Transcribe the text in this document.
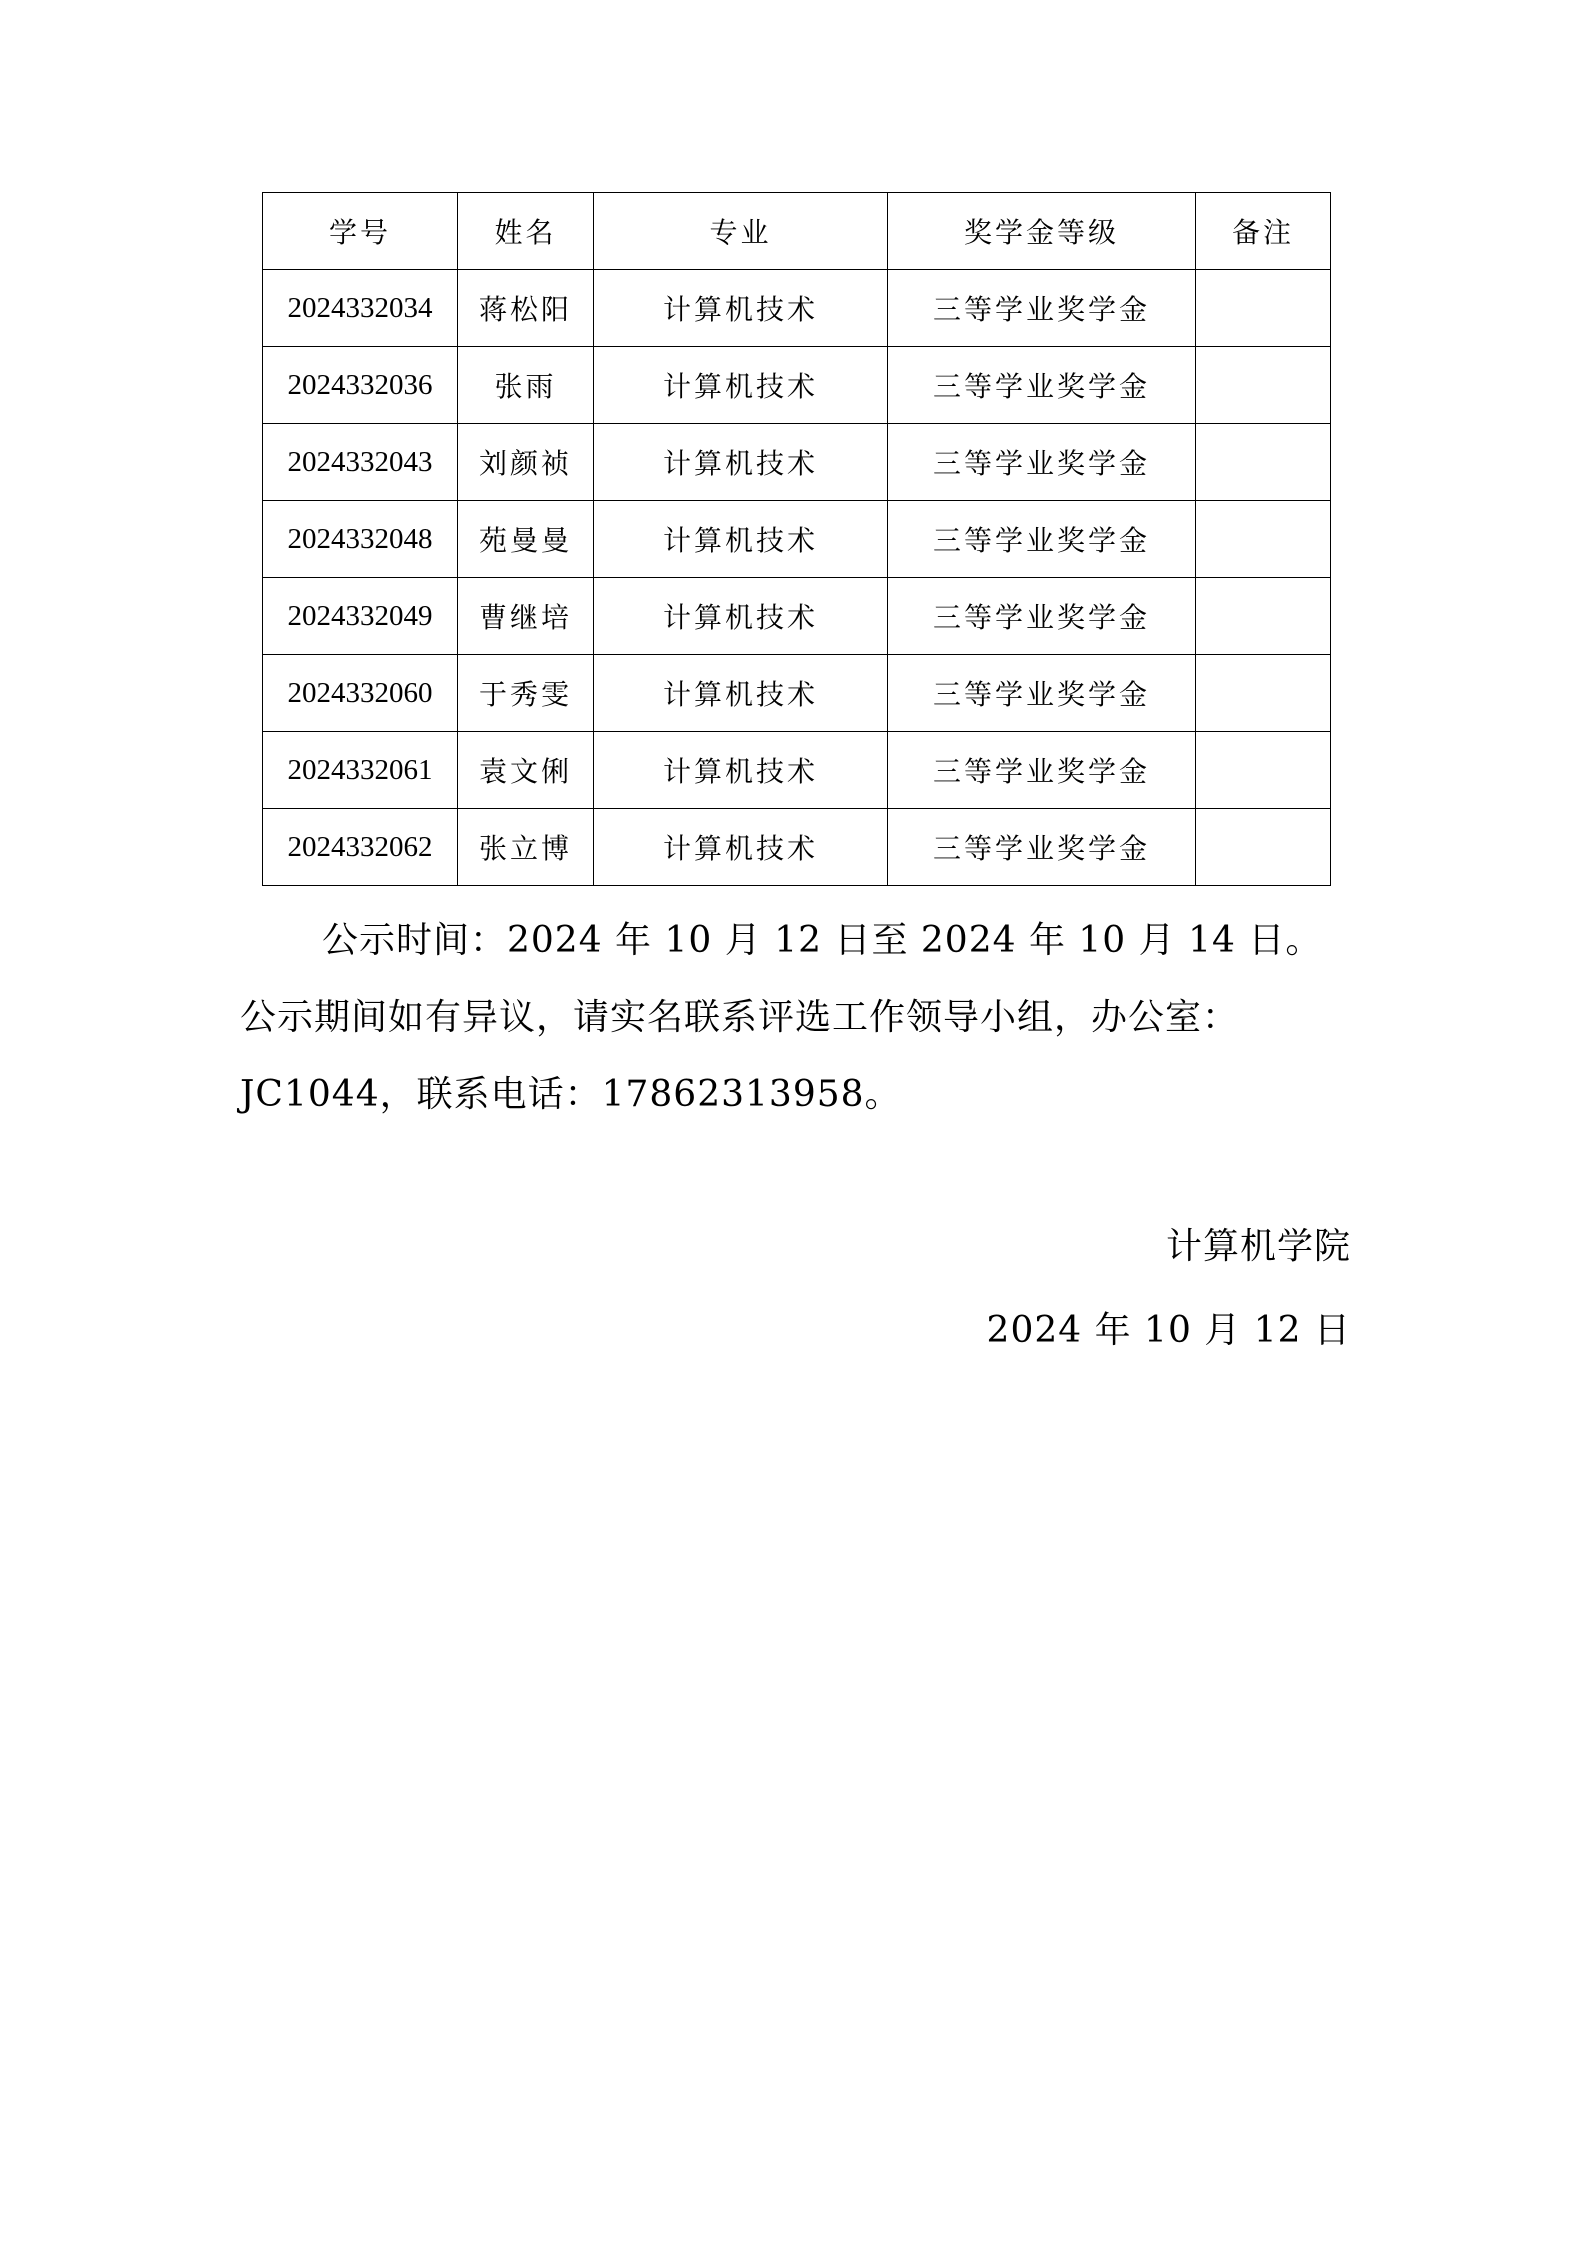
学号	姓名	专业	奖学金等级	备注
2024332034	蒋松阳	计算机技术	三等学业奖学金	
2024332036	张雨	计算机技术	三等学业奖学金	
2024332043	刘颜祯	计算机技术	三等学业奖学金	
2024332048	苑曼曼	计算机技术	三等学业奖学金	
2024332049	曹继培	计算机技术	三等学业奖学金	
2024332060	于秀雯	计算机技术	三等学业奖学金	
2024332061	袁文俐	计算机技术	三等学业奖学金	
2024332062	张立博	计算机技术	三等学业奖学金	

公示时间：2024 年 10 月 12 日至 2024 年 10 月 14 日。

公示期间如有异议，请实名联系评选工作领导小组，办公室：

JC1044，联系电话：17862313958。

计算机学院
2024 年 10 月 12 日
